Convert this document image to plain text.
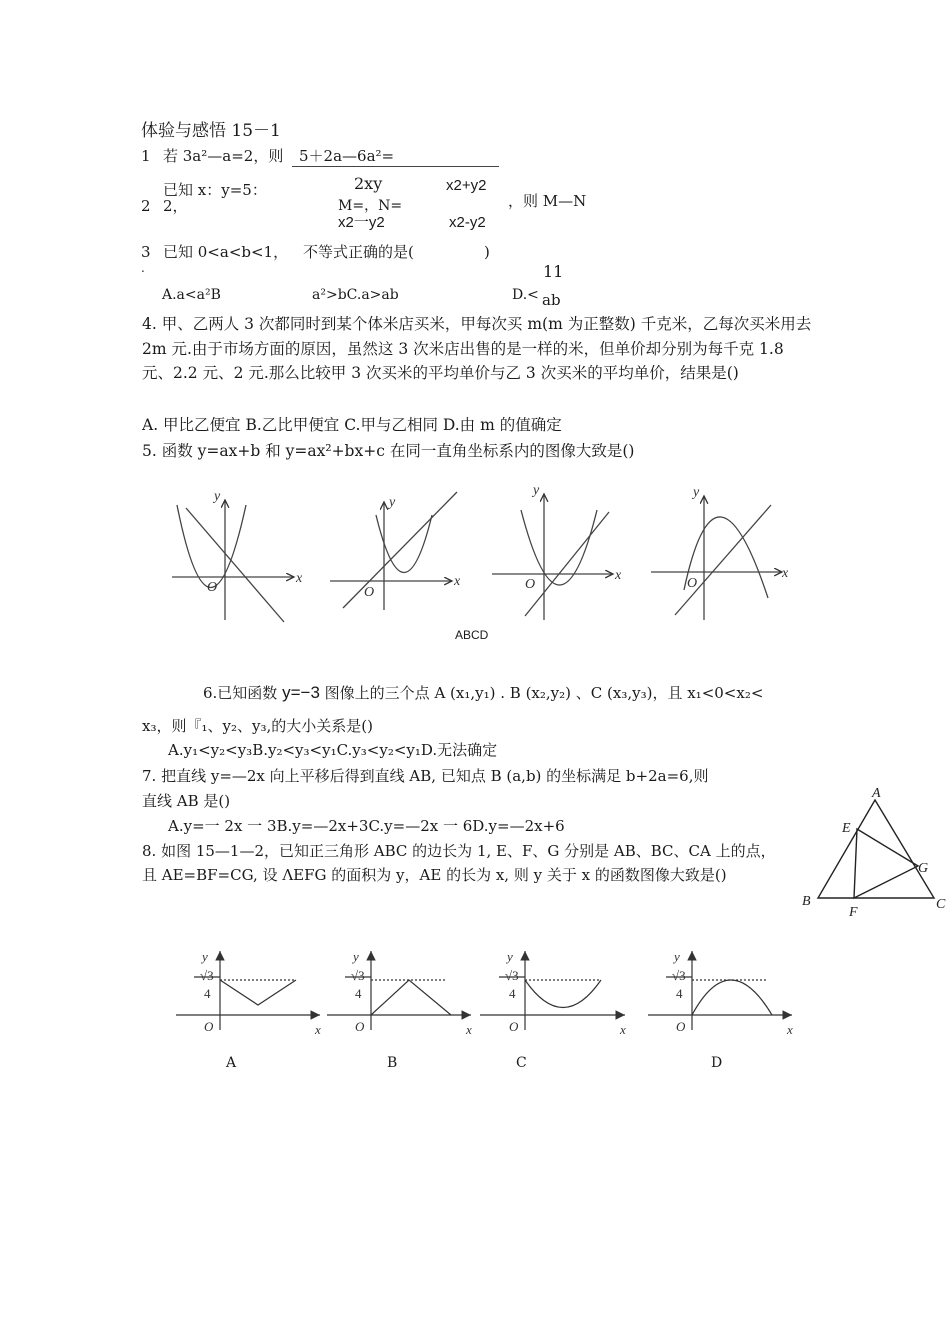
体验与感悟 15－1
1 若 3a²—a=2，则	5＋2a—6a²=
已知 x：y=5：
2 2，
2xy
M=，N=
x2一y2
x2+y2
x2-y2
，则 M—N
3
.
已知 0<a<b<1， 不等式正确的是(	)
11
A.a<a²B	a²>bC.a>ab	D.< ab
4. 甲、乙两人 3 次都同时到某个体米店买米，甲每次买 m(m 为正整数) 千克米，乙每次买米用去 2m 元.由于市场方面的原因，虽然这 3 次米店出售的是一样的米，但单价却分别为每千克 1.8 元、2.2 元、2 元.那么比较甲 3 次买米的平均单价与乙 3 次买米的平均单价，结果是()
A. 甲比乙便宜 B.乙比甲便宜 C.甲与乙相同 D.由 m 的值确定
5. 函数 y=ax+b 和 y=ax²+bx+c 在同一直角坐标系内的图像大致是()
y
x
O
y
x
O
y
x
O
y
x
O
ABCD
6.已知函数 y=−3 图像上的三个点 A (x₁,y₁) . B (x₂,y₂) 、C (x₃,y₃)，且 x₁<0<x₂<
x₃，则『₁、y₂、y₃,的大小关系是()
A.y₁<y₂<y₃B.y₂<y₃<y₁C.y₃<y₂<y₁D.无法确定
7. 把直线 y=—2x 向上平移后得到直线 AB, 已知点 B (a,b) 的坐标满足 b+2a=6,则
直线 AB 是()
A.y=一 2x 一 3B.y=—2x+3C.y=—2x 一 6D.y=—2x+6
8. 如图 15—1—2，已知正三角形 ABC 的边长为 1, E、F、G 分别是 AB、BC、CA 上的点，
且 AE=BF=CG, 设 ΛEFG 的面积为 y，AE 的长为 x, 则 y 关于 x 的函数图像大致是()
A
B	C
E
F
G
y
√3
4
O	x
y
√3
4
O	x
y
√3
4
O	x
y
√3
4
O	x
A	B	C	D
